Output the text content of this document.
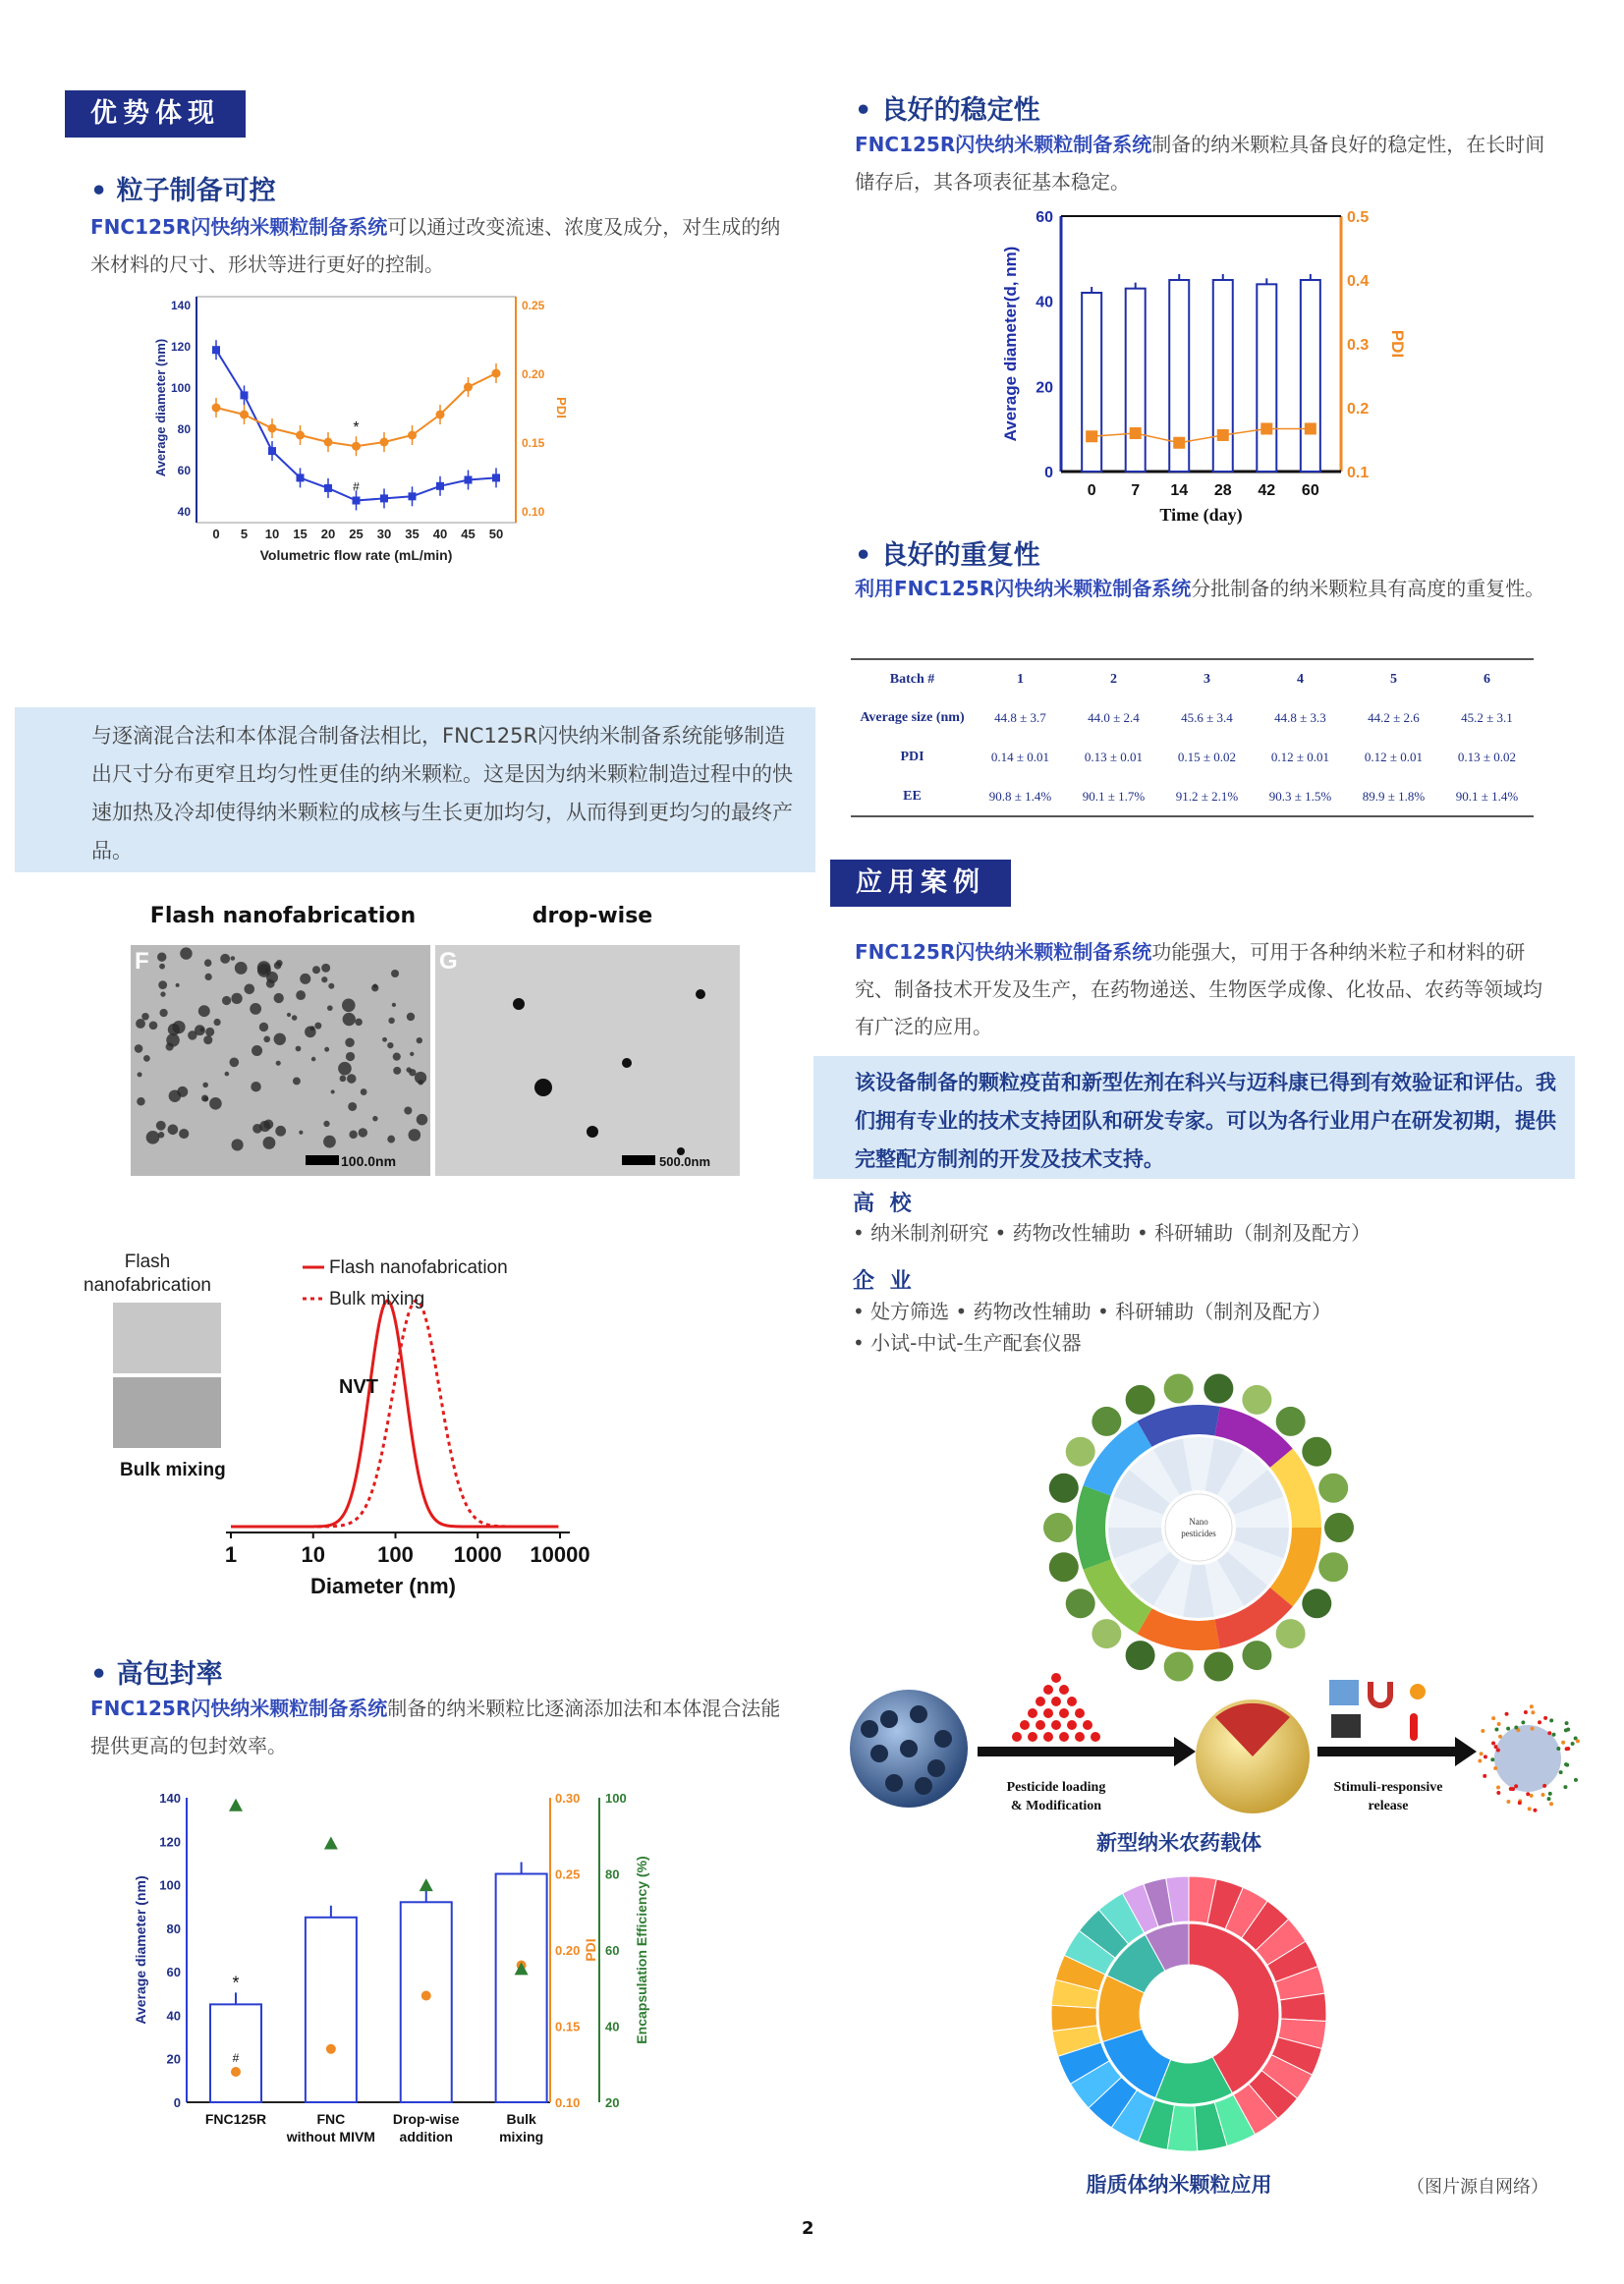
优势体现
• 粒子制备可控
FNC125R闪快纳米颗粒制备系统可以通过改变流速、浓度及成分，对生成的纳米材料的尺寸、形状等进行更好的控制。
40
60
80
100
120
140
0.10
0.15
0.20
0.25
0 5 10 15 20 25 30 35 40 45 50
Volumetric flow rate (mL/min)
Average diameter (nm)	PDI
*
#

与逐滴混合法和本体混合制备法相比，FNC125R闪快纳米制备系统能够制造出尺寸分布更窄且均匀性更佳的纳米颗粒。这是因为纳米颗粒制造过程中的快速加热及冷却使得纳米颗粒的成核与生长更加均匀，从而得到更均匀的最终产品。

Flash nanofabrication	drop-wise
F	G
100.0nm	500.0nm
1	10 100 1000 10000
Diameter (nm)
Flash nanofabrication
Bulk mixing
Flash
nanofabrication
Bulk mixing
NVT
• 高包封率
FNC125R闪快纳米颗粒制备系统制备的纳米颗粒比逐滴添加法和本体混合法能提供更高的包封效率。
0
20
40
60
80
100
120
140
0.10
0.15
0.20
0.25
0.30
20
40
60
80
100
Average diameter (nm)	PDI	Encapsulation Efficiency (%)
FNC125R	FNC
without MIVM
Drop-wise
addition
Bulk
mixing
*
#
• 良好的稳定性
FNC125R闪快纳米颗粒制备系统制备的纳米颗粒具备良好的稳定性，在长时间储存后，其各项表征基本稳定。
0
20
40
60
0.1
0.2
0.3
0.4
0.5
Average diameter(d, nm)	PDI
0 7 14 28 42 60
Time (day)
• 良好的重复性
利用FNC125R闪快纳米颗粒制备系统分批制备的纳米颗粒具有高度的重复性。
Batch #	1	2	3	4	5	6
Average size (nm)	44.8 ± 3.7	44.0 ± 2.4	45.6 ± 3.4	44.8 ± 3.3	44.2 ± 2.6	45.2 ± 3.1
PDI	0.14 ± 0.01	0.13 ± 0.01	0.15 ± 0.02	0.12 ± 0.01	0.12 ± 0.01	0.13 ± 0.02
EE	90.8 ± 1.4%	90.1 ± 1.7%	91.2 ± 2.1%	90.3 ± 1.5%	89.9 ± 1.8%	90.1 ± 1.4%
应用案例
FNC125R闪快纳米颗粒制备系统功能强大，可用于各种纳米粒子和材料的研究、制备技术开发及生产，在药物递送、生物医学成像、化妆品、农药等领域均有广泛的应用。

该设备制备的颗粒疫苗和新型佐剂在科兴与迈科康已得到有效验证和评估。我们拥有专业的技术支持团队和研发专家。可以为各行业用户在研发初期，提供完整配方制剂的开发及技术支持。

高 校
• 纳米制剂研究 • 药物改性辅助 • 科研辅助（制剂及配方）
企 业
• 处方筛选 • 药物改性辅助 • 科研辅助（制剂及配方）
• 小试-中试-生产配套仪器
Nano
pesticides
Pesticide loading
& Modification
Stimuli-responsive
release
新型纳米农药载体
脂质体纳米颗粒应用	（图片源自网络）
2
